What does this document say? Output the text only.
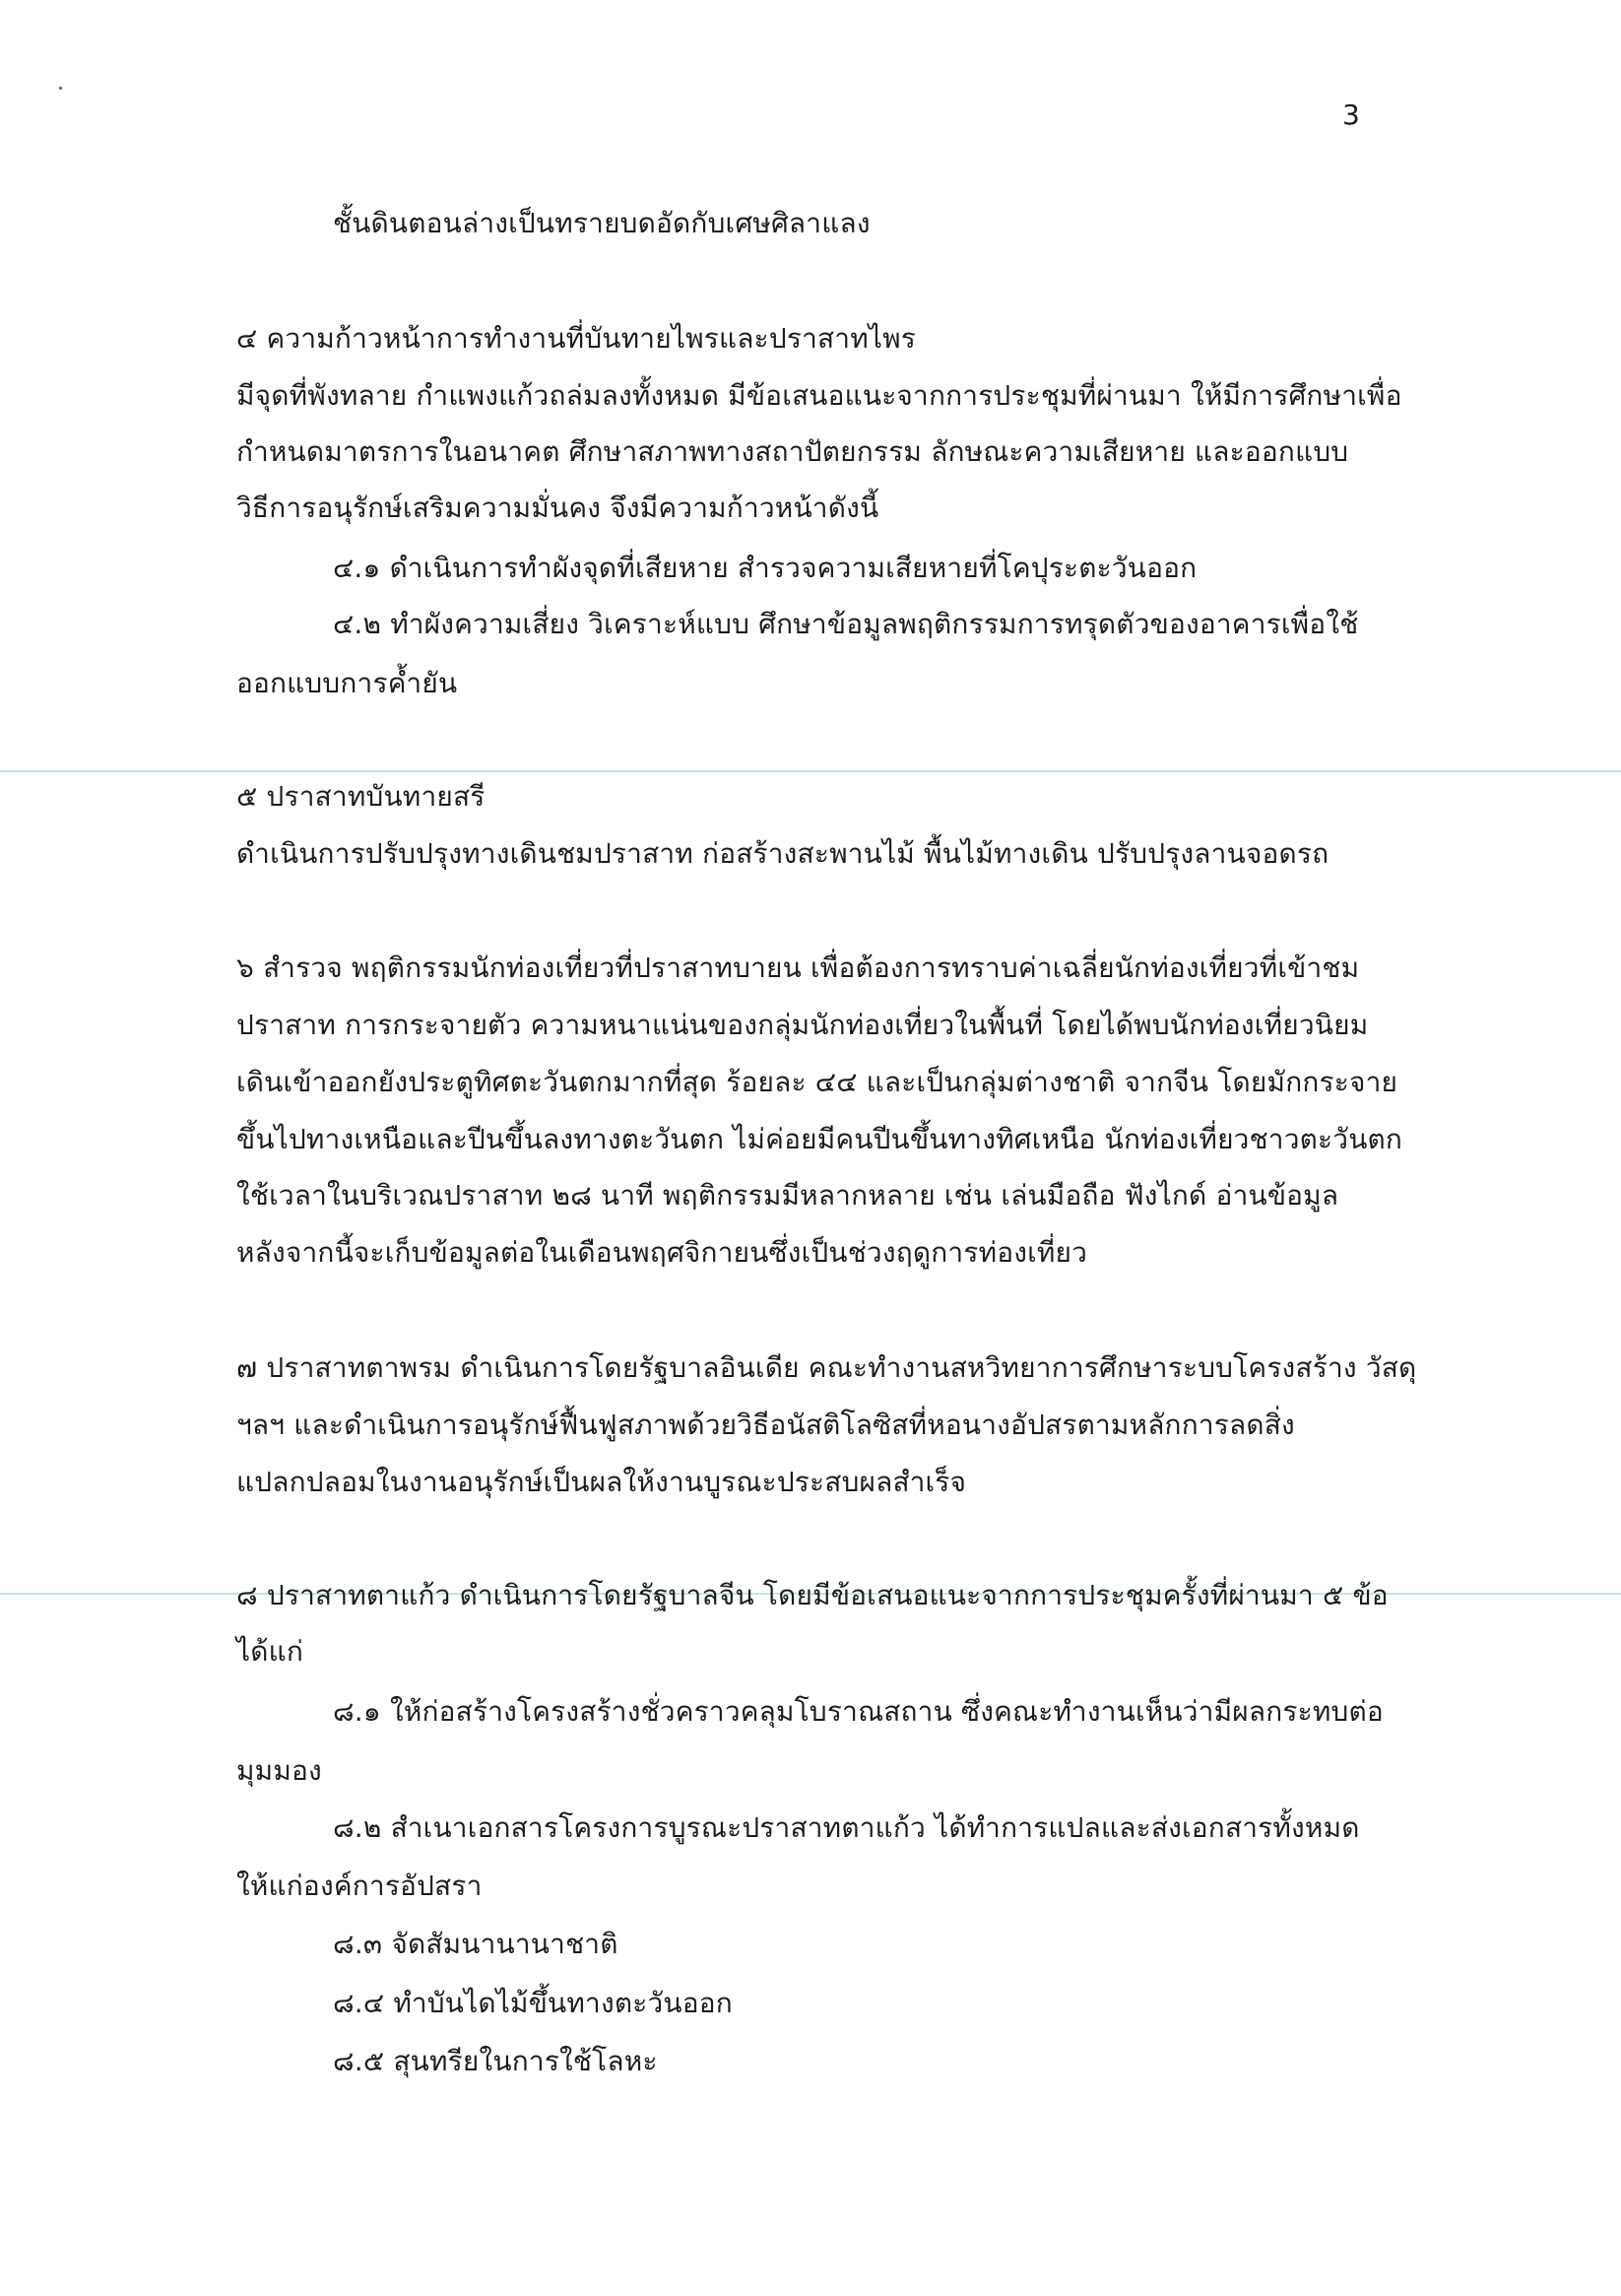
3
ชั้นดินตอนล่างเป็นทรายบดอัดกับเศษศิลาแลง
๔ ความก้าวหน้าการทำงานที่บันทายไพรและปราสาทไพร
มีจุดที่พังทลาย กำแพงแก้วถล่มลงทั้งหมด มีข้อเสนอแนะจากการประชุมที่ผ่านมา ให้มีการศึกษาเพื่อ
กำหนดมาตรการในอนาคต ศึกษาสภาพทางสถาปัตยกรรม ลักษณะความเสียหาย และออกแบบ
วิธีการอนุรักษ์เสริมความมั่นคง จึงมีความก้าวหน้าดังนี้
๔.๑ ดำเนินการทำผังจุดที่เสียหาย สำรวจความเสียหายที่โคปุระตะวันออก
๔.๒ ทำผังความเสี่ยง วิเคราะห์แบบ ศึกษาข้อมูลพฤติกรรมการทรุดตัวของอาคารเพื่อใช้
ออกแบบการค้ำยัน
๕ ปราสาทบันทายสรี
ดำเนินการปรับปรุงทางเดินชมปราสาท ก่อสร้างสะพานไม้ พื้นไม้ทางเดิน ปรับปรุงลานจอดรถ
๖ สำรวจ พฤติกรรมนักท่องเที่ยวที่ปราสาทบายน เพื่อต้องการทราบค่าเฉลี่ยนักท่องเที่ยวที่เข้าชม
ปราสาท การกระจายตัว ความหนาแน่นของกลุ่มนักท่องเที่ยวในพื้นที่ โดยได้พบนักท่องเที่ยวนิยม
เดินเข้าออกยังประตูทิศตะวันตกมากที่สุด ร้อยละ ๔๔ และเป็นกลุ่มต่างชาติ จากจีน โดยมักกระจาย
ขึ้นไปทางเหนือและปีนขึ้นลงทางตะวันตก ไม่ค่อยมีคนปีนขึ้นทางทิศเหนือ นักท่องเที่ยวชาวตะวันตก
ใช้เวลาในบริเวณปราสาท ๒๘ นาที พฤติกรรมมีหลากหลาย เช่น เล่นมือถือ ฟังไกด์ อ่านข้อมูล
หลังจากนี้จะเก็บข้อมูลต่อในเดือนพฤศจิกายนซึ่งเป็นช่วงฤดูการท่องเที่ยว
๗ ปราสาทตาพรม ดำเนินการโดยรัฐบาลอินเดีย คณะทำงานสหวิทยาการศึกษาระบบโครงสร้าง วัสดุ
ฯลฯ และดำเนินการอนุรักษ์ฟื้นฟูสภาพด้วยวิธีอนัสติโลซิสที่หอนางอัปสรตามหลักการลดสิ่ง
แปลกปลอมในงานอนุรักษ์เป็นผลให้งานบูรณะประสบผลสำเร็จ
๘ ปราสาทตาแก้ว ดำเนินการโดยรัฐบาลจีน โดยมีข้อเสนอแนะจากการประชุมครั้งที่ผ่านมา ๕ ข้อ
ได้แก่
๘.๑ ให้ก่อสร้างโครงสร้างชั่วคราวคลุมโบราณสถาน ซึ่งคณะทำงานเห็นว่ามีผลกระทบต่อ
มุมมอง
๘.๒ สำเนาเอกสารโครงการบูรณะปราสาทตาแก้ว ได้ทำการแปลและส่งเอกสารทั้งหมด
ให้แก่องค์การอัปสรา
๘.๓ จัดสัมนานานาชาติ
๘.๔ ทำบันไดไม้ขึ้นทางตะวันออก
๘.๕ สุนทรียในการใช้โลหะ
